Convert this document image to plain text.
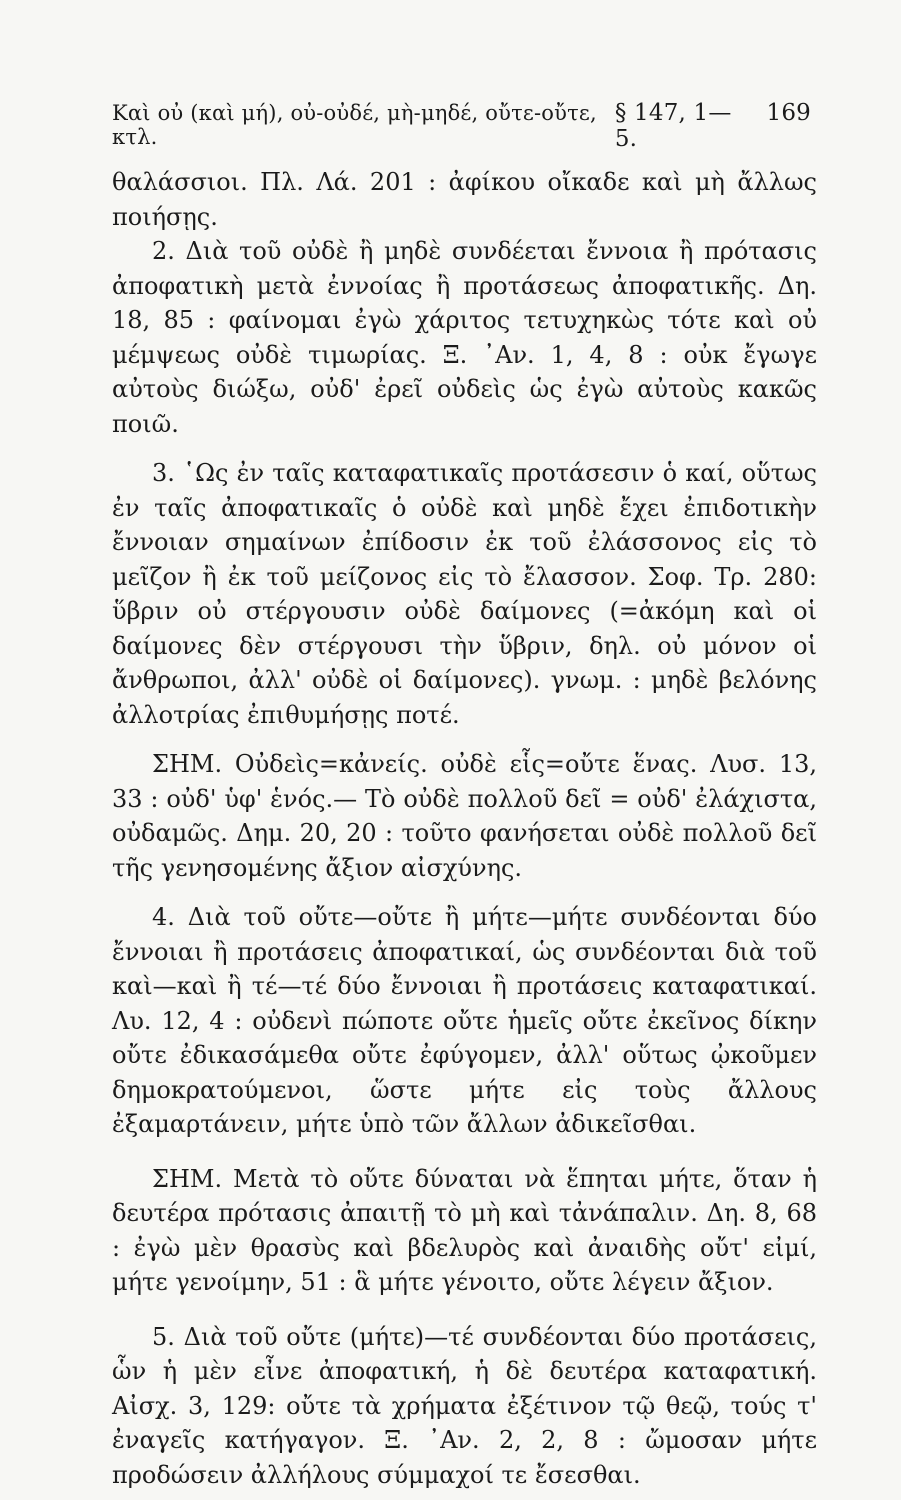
Καὶ οὐ (καὶ μή), οὐ-οὐδέ, μὴ-μηδέ, οὔτε-οὔτε, κτλ.
§ 147, 1—5.
169

θαλάσσιοι. Πλ. Λά. 201 : ἀφίκου οἴκαδε καὶ μὴ ἄλλως ποιήσῃς.

2. Διὰ τοῦ οὐδὲ ἢ μηδὲ συνδέεται ἔννοια ἢ πρότασις ἀποφατικὴ μετὰ ἐννοίας ἢ προτάσεως ἀποφατικῆς. Δη. 18, 85 : φαίνομαι ἐγὼ χάριτος τετυχηκὼς τότε καὶ οὐ μέμψεως οὐδὲ τιμωρίας. Ξ. ᾿Αν. 1, 4, 8 : οὐκ ἔγωγε αὐτοὺς διώξω, οὐδ' ἐρεῖ οὐδεὶς ὡς ἐγὼ αὐτοὺς κακῶς ποιῶ.

3. ῾Ως ἐν ταῖς καταφατικαῖς προτάσεσιν ὁ καί, οὕτως ἐν ταῖς ἀποφατικαῖς ὁ οὐδὲ καὶ μηδὲ ἔχει ἐπιδοτικὴν ἔννοιαν σημαίνων ἐπίδοσιν ἐκ τοῦ ἐλάσσονος εἰς τὸ μεῖζον ἢ ἐκ τοῦ μείζονος εἰς τὸ ἔλασσον. Σοφ. Τρ. 280: ὕβριν οὐ στέργουσιν οὐδὲ δαίμονες (=ἀκόμη καὶ οἱ δαίμονες δὲν στέργουσι τὴν ὕβριν, δηλ. οὐ μόνον οἱ ἄνθρωποι, ἀλλ' οὐδὲ οἱ δαίμονες). γνωμ. : μηδὲ βελόνης ἀλλοτρίας ἐπιθυμήσῃς ποτέ.

ΣΗΜ. Οὐδεὶς=κἀνείς. οὐδὲ εἷς=οὔτε ἕνας. Λυσ. 13, 33 : οὐδ' ὑφ' ἑνός.— Τὸ οὐδὲ πολλοῦ δεῖ = οὐδ' ἐλάχιστα, οὐδαμῶς. Δημ. 20, 20 : τοῦτο φανήσεται οὐδὲ πολλοῦ δεῖ τῆς γενησομένης ἄξιον αἰσχύνης.

4. Διὰ τοῦ οὔτε—οὔτε ἢ μήτε—μήτε συνδέονται δύο ἔννοιαι ἢ προτάσεις ἀποφατικαί, ὡς συνδέονται διὰ τοῦ καὶ—καὶ ἢ τέ—τέ δύο ἔννοιαι ἢ προτάσεις καταφατικαί. Λυ. 12, 4 : οὐδενὶ πώποτε οὔτε ἡμεῖς οὔτε ἐκεῖνος δίκην οὔτε ἐδικασάμεθα οὔτε ἐφύγομεν, ἀλλ' οὕτως ᾠκοῦμεν δημοκρατούμενοι, ὥστε μήτε εἰς τοὺς ἄλλους ἐξαμαρτάνειν, μήτε ὑπὸ τῶν ἄλλων ἀδικεῖσθαι.

ΣΗΜ. Μετὰ τὸ οὔτε δύναται νὰ ἕπηται μήτε, ὅταν ἡ δευτέρα πρότασις ἀπαιτῇ τὸ μὴ καὶ τἀνάπαλιν. Δη. 8, 68 : ἐγὼ μὲν θρασὺς καὶ βδελυρὸς καὶ ἀναιδὴς οὔτ' εἰμί, μήτε γενοίμην, 51 : ἃ μήτε γένοιτο, οὔτε λέγειν ἄξιον.

5. Διὰ τοῦ οὔτε (μήτε)—τέ συνδέονται δύο προτάσεις, ὧν ἡ μὲν εἶνε ἀποφατική, ἡ δὲ δευτέρα καταφατική. Αἰσχ. 3, 129: οὔτε τὰ χρήματα ἐξέτινον τῷ θεῷ, τούς τ' ἐναγεῖς κατήγαγον. Ξ. ᾿Αν. 2, 2, 8 : ὤμοσαν μήτε προδώσειν ἀλλήλους σύμμαχοί τε ἔσεσθαι.
